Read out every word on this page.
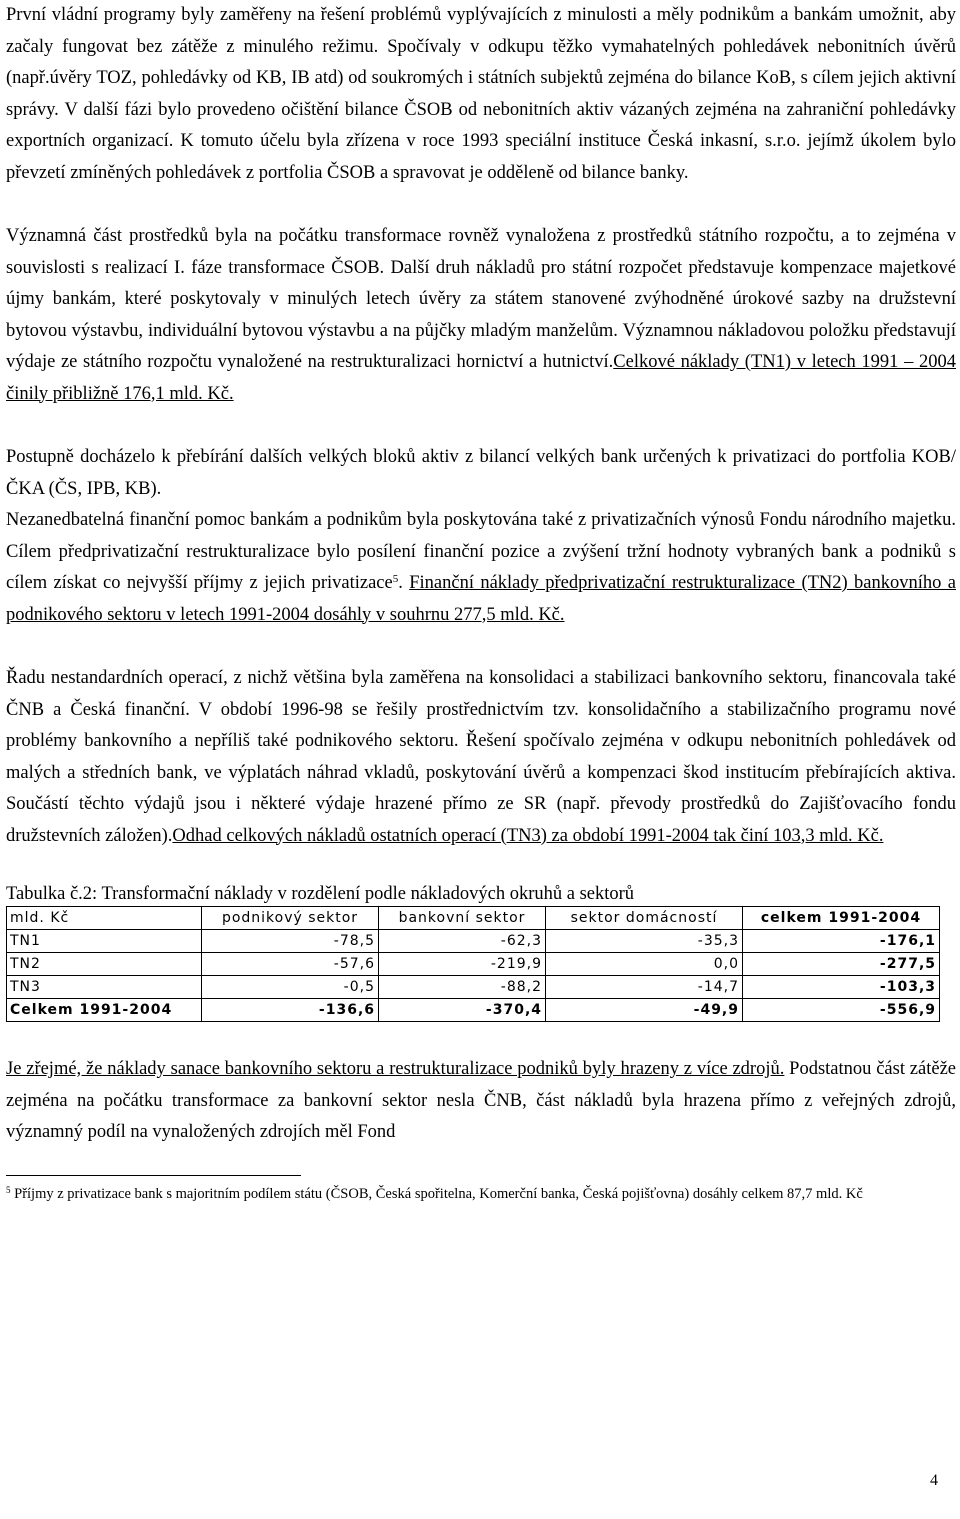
První vládní programy byly zaměřeny na řešení problémů vyplývajících z minulosti a měly podnikům a bankám umožnit, aby začaly fungovat bez zátěže z minulého režimu. Spočívaly v odkupu těžko vymahatelných pohledávek nebonitních úvěrů (např.úvěry TOZ, pohledávky od KB, IB atd) od soukromých i státních subjektů zejména do bilance KoB, s cílem jejich aktivní správy. V další fázi bylo provedeno očištění bilance ČSOB od nebonitních aktiv vázaných zejména na zahraniční pohledávky exportních organizací. K tomuto účelu byla zřízena v roce 1993 speciální instituce Česká inkasní, s.r.o. jejímž úkolem bylo převzetí zmíněných pohledávek z portfolia ČSOB a spravovat je odděleně od bilance banky.

Významná část prostředků byla na počátku transformace rovněž vynaložena z prostředků státního rozpočtu, a to zejména v souvislosti s realizací I. fáze transformace ČSOB. Další druh nákladů pro státní rozpočet představuje kompenzace majetkové újmy bankám, které poskytovaly v minulých letech úvěry za státem stanovené zvýhodněné úrokové sazby na družstevní bytovou výstavbu, individuální bytovou výstavbu a na půjčky mladým manželům. Významnou nákladovou položku představují výdaje ze státního rozpočtu vynaložené na restrukturalizaci hornictví a hutnictví.Celkové náklady (TN1) v letech 1991 – 2004 činily přibližně 176,1 mld. Kč.

Postupně docházelo k přebírání dalších velkých bloků aktiv z bilancí velkých bank určených k privatizaci do portfolia KOB/ČKA (ČS, IPB, KB).

Nezanedbatelná finanční pomoc bankám a podnikům byla poskytována také z privatizačních výnosů Fondu národního majetku. Cílem předprivatizační restrukturalizace bylo posílení finanční pozice a zvýšení tržní hodnoty vybraných bank a podniků s cílem získat co nejvyšší příjmy z jejich privatizace$^5$. Finanční náklady předprivatizační restrukturalizace (TN2) bankovního a podnikového sektoru v letech 1991-2004 dosáhly v souhrnu 277,5 mld. Kč.

Řadu nestandardních operací, z nichž většina byla zaměřena na konsolidaci a stabilizaci bankovního sektoru, financovala také ČNB a Česká finanční. V období 1996-98 se řešily prostřednictvím tzv. konsolidačního a stabilizačního programu nové problémy bankovního a nepříliš také podnikového sektoru. Řešení spočívalo zejména v odkupu nebonitních pohledávek od malých a středních bank, ve výplatách náhrad vkladů, poskytování úvěrů a kompenzaci škod institucím přebírajících aktiva. Součástí těchto výdajů jsou i některé výdaje hrazené přímo ze SR (např. převody prostředků do Zajišťovacího fondu družstevních záložen).Odhad celkových nákladů ostatních operací (TN3) za období 1991-2004 tak činí 103,3 mld. Kč.

Tabulka č.2: Transformační náklady v rozdělení podle nákladových okruhů a sektorů

mld. Kč	podnikový sektor	bankovní sektor	sektor domácností	celkem 1991-2004
TN1	-78,5	-62,3	-35,3	-176,1
TN2	-57,6	-219,9	0,0	-277,5
TN3	-0,5	-88,2	-14,7	-103,3
Celkem 1991-2004	-136,6	-370,4	-49,9	-556,9

Je zřejmé, že náklady sanace bankovního sektoru a restrukturalizace podniků byly hrazeny z více zdrojů. Podstatnou část zátěže zejména na počátku transformace za bankovní sektor nesla ČNB, část nákladů byla hrazena přímo z veřejných zdrojů, významný podíl na vynaložených zdrojích měl Fond

$^5$ Příjmy z privatizace bank s majoritním podílem státu (ČSOB, Česká spořitelna, Komerční banka, Česká pojišťovna) dosáhly celkem 87,7 mld. Kč

4
